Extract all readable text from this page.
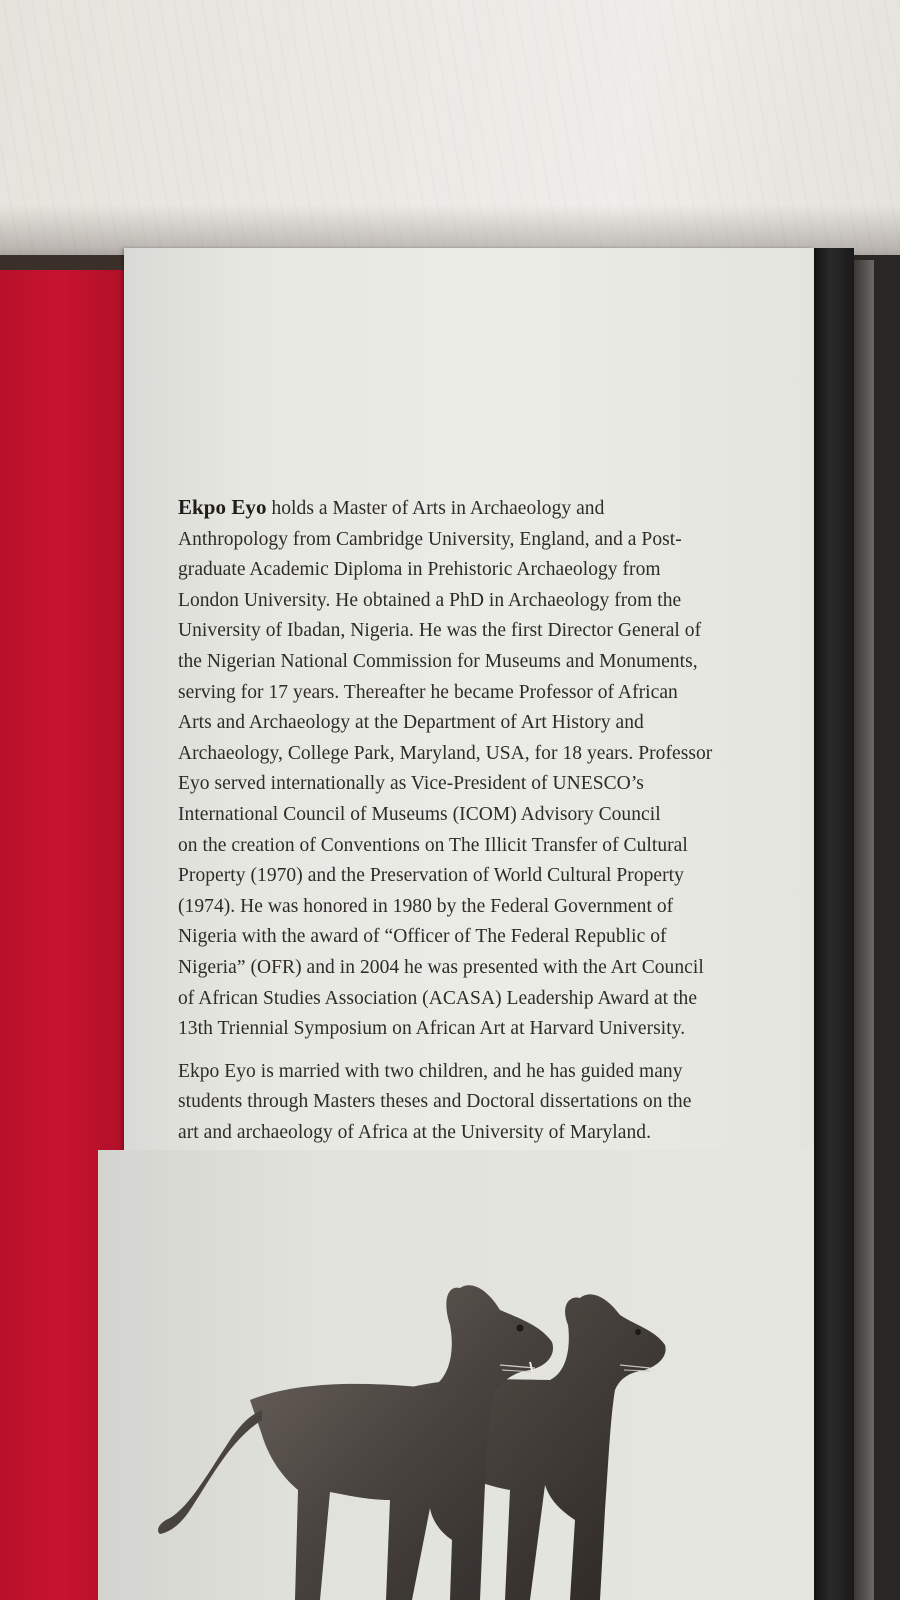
Ekpo Eyo holds a Master of Arts in Archaeology and

Anthropology from Cambridge University, England, and a Post-

graduate Academic Diploma in Prehistoric Archaeology from

London University. He obtained a PhD in Archaeology from the

University of Ibadan, Nigeria. He was the first Director General of

the Nigerian National Commission for Museums and Monuments,

serving for 17 years. Thereafter he became Professor of African

Arts and Archaeology at the Department of Art History and

Archaeology, College Park, Maryland, USA, for 18 years. Professor

Eyo served internationally as Vice-President of UNESCO’s

International Council of Museums (ICOM) Advisory Council

on the creation of Conventions on The Illicit Transfer of Cultural

Property (1970) and the Preservation of World Cultural Property

(1974). He was honored in 1980 by the Federal Government of

Nigeria with the award of “Officer of The Federal Republic of

Nigeria” (OFR) and in 2004 he was presented with the Art Council

of African Studies Association (ACASA) Leadership Award at the

13th Triennial Symposium on African Art at Harvard University.

Ekpo Eyo is married with two children, and he has guided many

students through Masters theses and Doctoral dissertations on the

art and archaeology of Africa at the University of Maryland.
